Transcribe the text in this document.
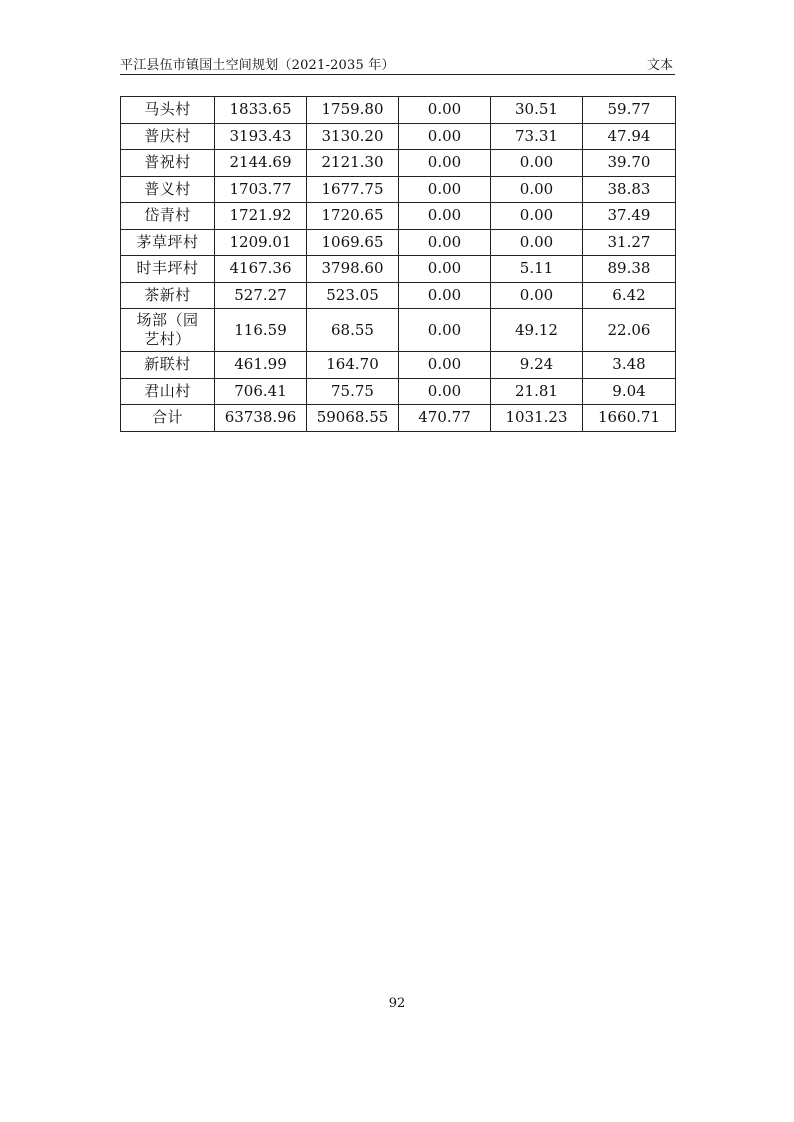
平江县伍市镇国土空间规划（2021-2035 年）	文本
马头村	1833.65	1759.80	0.00	30.51	59.77
普庆村	3193.43	3130.20	0.00	73.31	47.94
普祝村	2144.69	2121.30	0.00	0.00	39.70
普义村	1703.77	1677.75	0.00	0.00	38.83
岱青村	1721.92	1720.65	0.00	0.00	37.49
茅草坪村	1209.01	1069.65	0.00	0.00	31.27
时丰坪村	4167.36	3798.60	0.00	5.11	89.38
茶新村	527.27	523.05	0.00	0.00	6.42
场部（园
艺村）	116.59	68.55	0.00	49.12	22.06
新联村	461.99	164.70	0.00	9.24	3.48
君山村	706.41	75.75	0.00	21.81	9.04
合计	63738.96	59068.55	470.77	1031.23	1660.71
92
